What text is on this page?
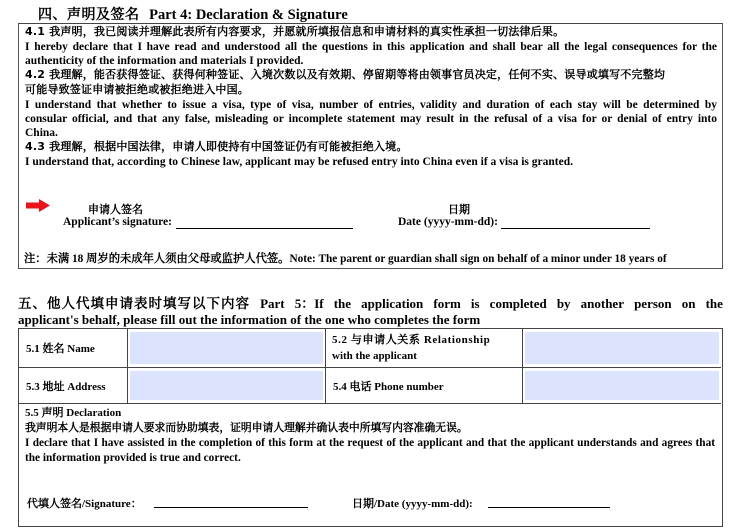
四、声明及签名 Part 4: Declaration & Signature
4.1 我声明，我已阅读并理解此表所有内容要求，并愿就所填报信息和申请材料的真实性承担一切法律后果。
I hereby declare that I have read and understood all the questions in this application and shall bear all the legal consequences for the
authenticity of the information and materials I provided.
4.2 我理解，能否获得签证、获得何种签证、入境次数以及有效期、停留期等将由领事官员决定，任何不实、误导或填写不完整均
可能导致签证申请被拒绝或被拒绝进入中国。
I understand that whether to issue a visa, type of visa, number of entries, validity and duration of each stay will be determined by
consular official, and that any false, misleading or incomplete statement may result in the refusal of a visa for or denial of entry into
China.
4.3 我理解，根据中国法律，申请人即使持有中国签证仍有可能被拒绝入境。
I understand that, according to Chinese law, applicant may be refused entry into China even if a visa is granted.
申请人签名
Applicant’s signature:
日期
Date (yyyy-mm-dd):
注：未满 18 周岁的未成年人须由父母或监护人代签。Note: The parent or guardian shall sign on behalf of a minor under 18 years of
五、他人代填申请表时填写以下内容 Part 5：If the application form is completed by another person on the
applicant's behalf, please fill out the information of the one who completes the form
5.1 姓名 Name
5.2 与申请人关系 Relationship
with the applicant
5.3 地址 Address	5.4 电话 Phone number
5.5 声明 Declaration
我声明本人是根据申请人要求而协助填表，证明申请人理解并确认表中所填写内容准确无误。
I declare that I have assisted in the completion of this form at the request of the applicant and that the applicant understands and agrees that the information provided is true and correct.
代填人签名/Signature：	日期/Date (yyyy-mm-dd):
